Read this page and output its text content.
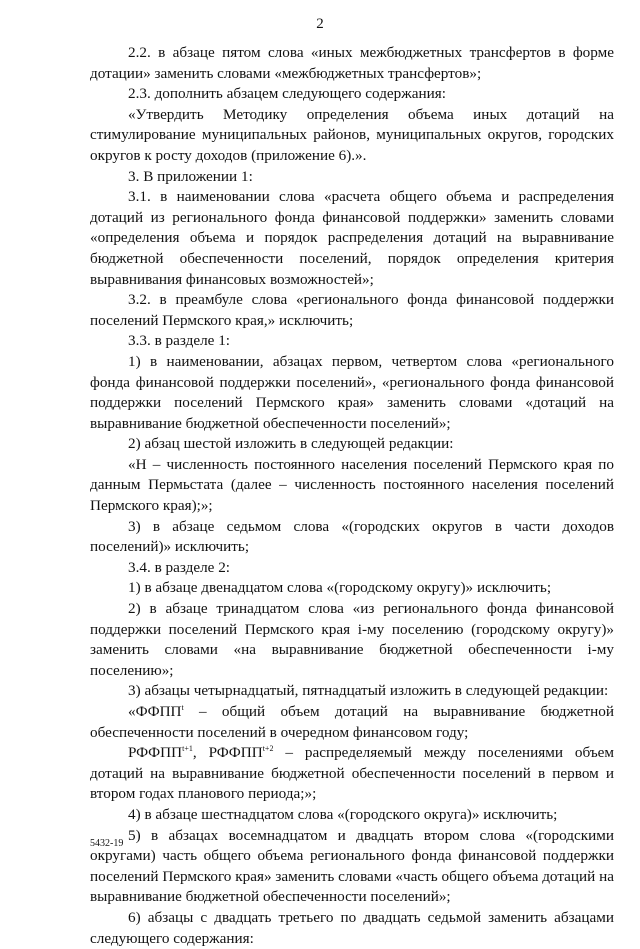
2

2.2. в абзаце пятом слова «иных межбюджетных трансфертов в форме дотации» заменить словами «межбюджетных трансфертов»;

2.3. дополнить абзацем следующего содержания:

«Утвердить Методику определения объема иных дотаций на стимулирование муниципальных районов, муниципальных округов, городских округов к росту доходов (приложение 6).».

3. В приложении 1:

3.1. в наименовании слова «расчета общего объема и распределения дотаций из регионального фонда финансовой поддержки» заменить словами «определения объема и порядок распределения дотаций на выравнивание бюджетной обеспеченности поселений, порядок определения критерия выравнивания финансовых возможностей»;

3.2. в преамбуле слова «регионального фонда финансовой поддержки поселений Пермского края,» исключить;

3.3. в разделе 1:

1) в наименовании, абзацах первом, четвертом слова «регионального фонда финансовой поддержки поселений», «регионального фонда финансовой поддержки поселений Пермского края» заменить словами «дотаций на выравнивание бюджетной обеспеченности поселений»;

2) абзац шестой изложить в следующей редакции:

«Н – численность постоянного населения поселений Пермского края по данным Пермьстата (далее – численность постоянного населения поселений Пермского края);»;

3) в абзаце седьмом слова «(городских округов в части доходов поселений)» исключить;

3.4. в разделе 2:

1) в абзаце двенадцатом слова «(городскому округу)» исключить;

2) в абзаце тринадцатом слова «из регионального фонда финансовой поддержки поселений Пермского края i-му поселению (городскому округу)» заменить словами «на выравнивание бюджетной обеспеченности i-му поселению»;

3) абзацы четырнадцатый, пятнадцатый изложить в следующей редакции:

«ФФПП$^t$ – общий объем дотаций на выравнивание бюджетной обеспеченности поселений в очередном финансовом году;

$РФФПП^{t+1}$, $РФФПП^{t+2}$ – распределяемый между поселениями объем дотаций на выравнивание бюджетной обеспеченности поселений в первом и втором годах планового периода;»;

4) в абзаце шестнадцатом слова «(городского округа)» исключить;

5) в абзацах восемнадцатом и двадцать втором слова «(городскими округами) часть общего объема регионального фонда финансовой поддержки поселений Пермского края» заменить словами «часть общего объема дотаций на выравнивание бюджетной обеспеченности поселений»;

6) абзацы с двадцать третьего по двадцать седьмой заменить абзацами следующего содержания:

5432-19
